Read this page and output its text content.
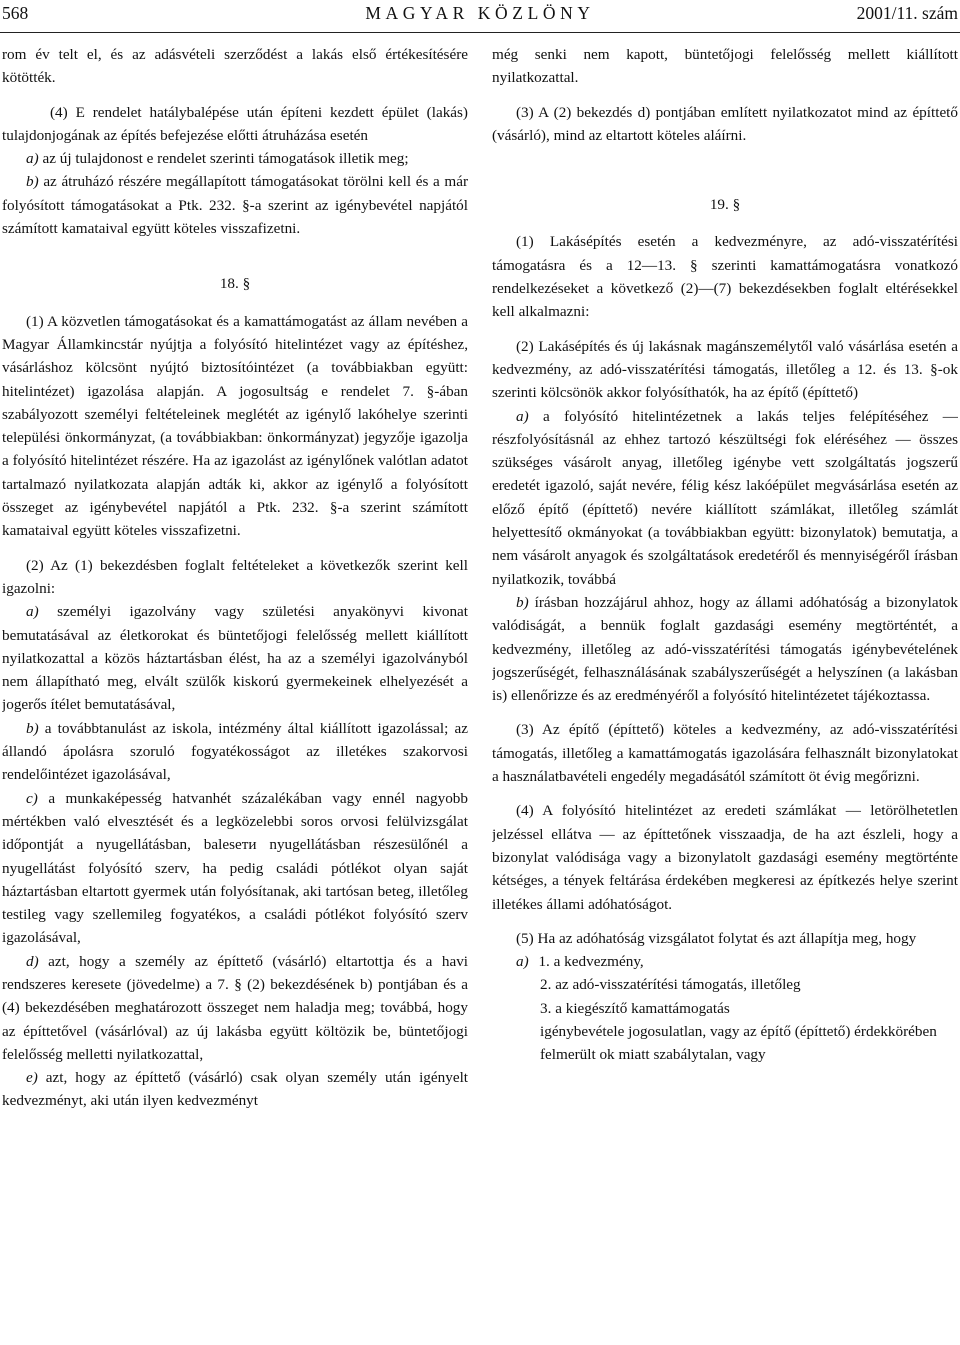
568	MAGYAR KÖZLÖNY	2001/11. szám

rom év telt el, és az adásvételi szerződést a lakás első értékesítésére kötötték.

(4) E rendelet hatálybalépése után építeni kezdett épület (lakás) tulajdonjogának az építés befejezése előtti átruházása esetén

a) az új tulajdonost e rendelet szerinti támogatások illetik meg;

b) az átruházó részére megállapított támogatásokat törölni kell és a már folyósított támogatásokat a Ptk. 232. §-a szerint az igénybevétel napjától számított kamataival együtt köteles visszafizetni.

18. §

(1) A közvetlen támogatásokat és a kamattámogatást az állam nevében a Magyar Államkincstár nyújtja a folyósító hitelintézet vagy az építéshez, vásárláshoz kölcsönt nyújtó biztosítóintézet (a továbbiakban együtt: hitelintézet) igazolása alapján. A jogosultság e rendelet 7. §-ában szabályozott személyi feltételeinek meglétét az igénylő lakóhelye szerinti települési önkormányzat, (a továbbiakban: önkormányzat) jegyzője igazolja a folyósító hitelintézet részére. Ha az igazolást az igénylőnek valótlan adatot tartalmazó nyilatkozata alapján adták ki, akkor az igénylő a folyósított összeget az igénybevétel napjától a Ptk. 232. §-a szerint számított kamataival együtt köteles visszafizetni.

(2) Az (1) bekezdésben foglalt feltételeket a következők szerint kell igazolni:

a) személyi igazolvány vagy születési anyakönyvi kivonat bemutatásával az életkorokat és büntetőjogi felelősség mellett kiállított nyilatkozattal a közös háztartásban élést, ha az a személyi igazolványból nem állapítható meg, elvált szülők kiskorú gyermekeinek elhelyezését a jogerős ítélet bemutatásával,

b) a továbbtanulást az iskola, intézmény által kiállított igazolással; az állandó ápolásra szoruló fogyatékosságot az illetékes szakorvosi rendelőintézet igazolásával,

c) a munkaképesség hatvanhét százalékában vagy ennél nagyobb mértékben való elvesztését és a legközelebbi soros orvosi felülvizsgálat időpontját a nyugellátásban, balesети nyugellátásban részesülőnél a nyugellátást folyósító szerv, ha pedig családi pótlékot olyan saját háztartásban eltartott gyermek után folyósítanak, aki tartósan beteg, illetőleg testileg vagy szellemileg fogyatékos, a családi pótlékot folyósító szerv igazolásával,

d) azt, hogy a személy az építtető (vásárló) eltartottja és a havi rendszeres keresete (jövedelme) a 7. § (2) bekezdésének b) pontjában és a (4) bekezdésében meghatározott összeget nem haladja meg; továbbá, hogy az építtetővel (vásárlóval) az új lakásba együtt költözik be, büntetőjogi felelősség melletti nyilatkozattal,

e) azt, hogy az építtető (vásárló) csak olyan személy után igényelt kedvezményt, aki után ilyen kedvezményt

még senki nem kapott, büntetőjogi felelősség mellett kiállított nyilatkozattal.

(3) A (2) bekezdés d) pontjában említett nyilatkozatot mind az építtető (vásárló), mind az eltartott köteles aláírni.

19. §

(1) Lakásépítés esetén a kedvezményre, az adó-visszatérítési támogatásra és a 12—13. § szerinti kamattámogatásra vonatkozó rendelkezéseket a következő (2)—(7) bekezdésekben foglalt eltérésekkel kell alkalmazni:

(2) Lakásépítés és új lakásnak magánszemélytől való vásárlása esetén a kedvezmény, az adó-visszatérítési támogatás, illetőleg a 12. és 13. §-ok szerinti kölcsönök akkor folyósíthatók, ha az építő (építtető)

a) a folyósító hitelintézetnek a lakás teljes felépítéséhez — részfolyósításnál az ehhez tartozó készültségi fok eléréséhez — összes szükséges vásárolt anyag, illetőleg igénybe vett szolgáltatás jogszerű eredetét igazoló, saját nevére, félig kész lakóépület megvásárlása esetén az előző építő (építtető) nevére kiállított számlákat, illetőleg számlát helyettesítő okmányokat (a továbbiakban együtt: bizonylatok) bemutatja, a nem vásárolt anyagok és szolgáltatások eredetéről és mennyiségéről írásban nyilatkozik, továbbá

b) írásban hozzájárul ahhoz, hogy az állami adóhatóság a bizonylatok valódiságát, a bennük foglalt gazdasági esemény megtörténtét, a kedvezmény, illetőleg az adó-visszatérítési támogatás igénybevételének jogszerűségét, felhasználásának szabályszerűségét a helyszínen (a lakásban is) ellenőrizze és az eredményéről a folyósító hitelintézetet tájékoztassa.

(3) Az építő (építtető) köteles a kedvezmény, az adó-visszatérítési támogatás, illetőleg a kamattámogatás igazolására felhasznált bizonylatokat a használatbavételi engedély megadásától számított öt évig megőrizni.

(4) A folyósító hitelintézet az eredeti számlákat — letörölhetetlen jelzéssel ellátva — az építtetőnek visszaadja, de ha azt észleli, hogy a bizonylat valódisága vagy a bizonylatolt gazdasági esemény megtörténte kétséges, a tények feltárása érdekében megkeresi az építkezés helye szerint illetékes állami adóhatóságot.

(5) Ha az adóhatóság vizsgálatot folytat és azt állapítja meg, hogy

a) 1. a kedvezmény,

2. az adó-visszatérítési támogatás, illetőleg

3. a kiegészítő kamattámogatás

igénybevétele jogosulatlan, vagy az építő (építtető) érdekkörében felmerült ok miatt szabálytalan, vagy
